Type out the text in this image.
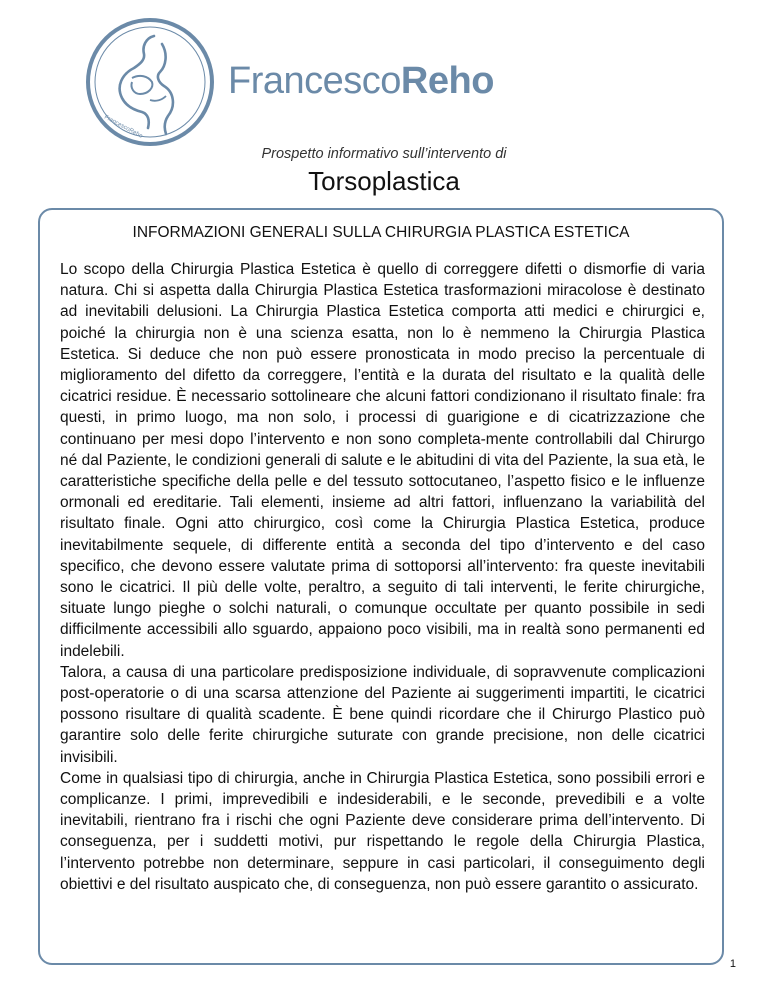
FrancescoReho
FrancescoReho
Prospetto informativo sull’intervento di
Torsoplastica
INFORMAZIONI GENERALI SULLA CHIRURGIA PLASTICA ESTETICA

Lo scopo della Chirurgia Plastica Estetica è quello di correggere difetti o dismorfie di varia natura. Chi si aspetta dalla Chirurgia Plastica Estetica trasformazioni miracolose è destinato ad inevitabili delusioni. La Chirurgia Plastica Estetica comporta atti medici e chirurgici e, poiché la chirurgia non è una scienza esatta, non lo è nemmeno la Chirurgia Plastica Estetica. Si deduce che non può essere pronosticata in modo preciso la percentuale di miglioramento del difetto da correggere, l’entità e la durata del risultato e la qualità delle cicatrici residue. È necessario sottolineare che alcuni fattori condizionano il risultato finale: fra questi, in primo luogo, ma non solo, i processi di guarigione e di cicatrizzazione che continuano per mesi dopo l’intervento e non sono completa-mente controllabili dal Chirurgo né dal Paziente, le condizioni generali di salute e le abitudini di vita del Paziente, la sua età, le caratteristiche specifiche della pelle e del tessuto sottocutaneo, l’aspetto fisico e le influenze ormonali ed ereditarie. Tali elementi, insieme ad altri fattori, influenzano la variabilità del risultato finale. Ogni atto chirurgico, così come la Chirurgia Plastica Estetica, produce inevitabilmente sequele, di differente entità a seconda del tipo d’intervento e del caso specifico, che devono essere valutate prima di sottoporsi all’intervento: fra queste inevitabili sono le cicatrici. Il più delle volte, peraltro, a seguito di tali interventi, le ferite chirurgiche, situate lungo pieghe o solchi naturali, o comunque occultate per quanto possibile in sedi difficilmente accessibili allo sguardo, appaiono poco visibili, ma in realtà sono permanenti ed indelebili.

Talora, a causa di una particolare predisposizione individuale, di sopravvenute complicazioni post-operatorie o di una scarsa attenzione del Paziente ai suggerimenti impartiti, le cicatrici possono risultare di qualità scadente. È bene quindi ricordare che il Chirurgo Plastico può garantire solo delle ferite chirurgiche suturate con grande precisione, non delle cicatrici invisibili.

Come in qualsiasi tipo di chirurgia, anche in Chirurgia Plastica Estetica, sono possibili errori e complicanze. I primi, imprevedibili e indesiderabili, e le seconde, prevedibili e a volte inevitabili, rientrano fra i rischi che ogni Paziente deve considerare prima dell’intervento. Di conseguenza, per i suddetti motivi, pur rispettando le regole della Chirurgia Plastica, l’intervento potrebbe non determinare, seppure in casi particolari, il conseguimento degli obiettivi e del risultato auspicato che, di conseguenza, non può essere garantito o assicurato.

1
